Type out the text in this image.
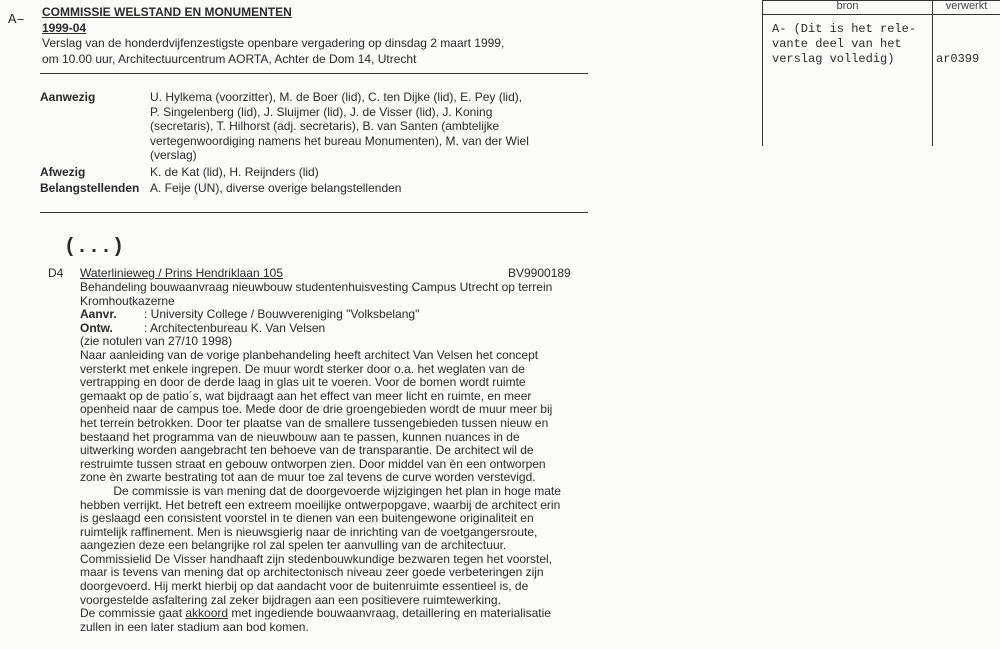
A– COMMISSIE WELSTAND EN MONUMENTEN
1999-04
Verslag van de honderdvijfenzestigste openbare vergadering op dinsdag 2 maart 1999,
om 10.00 uur, Architectuurcentrum AORTA, Achter de Dom 14, Utrecht
Aanwezig	U. Hylkema (voorzitter), M. de Boer (lid), C. ten Dijke (lid), E. Pey (lid),
P. Singelenberg (lid), J. Sluijmer (lid), J. de Visser (lid), J. Koning
(secretaris), T. Hilhorst (adj. secretaris), B. van Santen (ambtelijke
vertegenwoordiging namens het bureau Monumenten), M. van der Wiel
(verslag)
Afwezig	K. de Kat (lid), H. Reijnders (lid)
Belangstellenden A. Feije (UN), diverse overige belangstellenden
(...)
D4 Waterlinieweg / Prins Hendriklaan 105	BV9900189
Behandeling bouwaanvraag nieuwbouw studentenhuisvesting Campus Utrecht op terrein
Kromhoutkazerne
Aanvr. : University College / Bouwvereniging "Volksbelang"
Ontw.	: Architectenbureau K. Van Velsen
(zie notulen van 27/10 1998)
Naar aanleiding van de vorige planbehandeling heeft architect Van Velsen het concept
versterkt met enkele ingrepen. De muur wordt sterker door o.a. het weglaten van de
vertrapping en door de derde laag in glas uit te voeren. Voor de bomen wordt ruimte
gemaakt op de patio´s, wat bijdraagt aan het effect van meer licht en ruimte, en meer
openheid naar de campus toe. Mede door de drie groengebieden wordt de muur meer bij
het terrein betrokken. Door ter plaatse van de smallere tussengebieden tussen nieuw en
bestaand het programma van de nieuwbouw aan te passen, kunnen nuances in de
uitwerking worden aangebracht ten behoeve van de transparantie. De architect wil de
restruimte tussen straat en gebouw ontworpen zien. Door middel van èn een ontworpen
zone èn zwarte bestrating tot aan de muur toe zal tevens de curve worden verstevigd.
De commissie is van mening dat de doorgevoerde wijzigingen het plan in hoge mate
hebben verrijkt. Het betreft een extreem moeilijke ontwerpopgave, waarbij de architect erin
is geslaagd een consistent voorstel in te dienen van een buitengewone originaliteit en
ruimtelijk raffinement. Men is nieuwsgierig naar de inrichting van de voetgangersroute,
aangezien deze een belangrijke rol zal spelen ter aanvulling van de architectuur.
Commissielid De Visser handhaaft zijn stedenbouwkundige bezwaren tegen het voorstel,
maar is tevens van mening dat op architectonisch niveau zeer goede verbeteringen zijn
doorgevoerd. Hij merkt hierbij op dat aandacht voor de buitenruimte essentieel is, de
voorgestelde asfaltering zal zeker bijdragen aan een positievere ruimtewerking.
De commissie gaat akkoord met ingediende bouwaanvraag, detaillering en materialisatie
zullen in een later stadium aan bod komen.
bron	verwerkt
A- (Dit is het rele-
vante deel van het
verslag volledig)	ar0399
